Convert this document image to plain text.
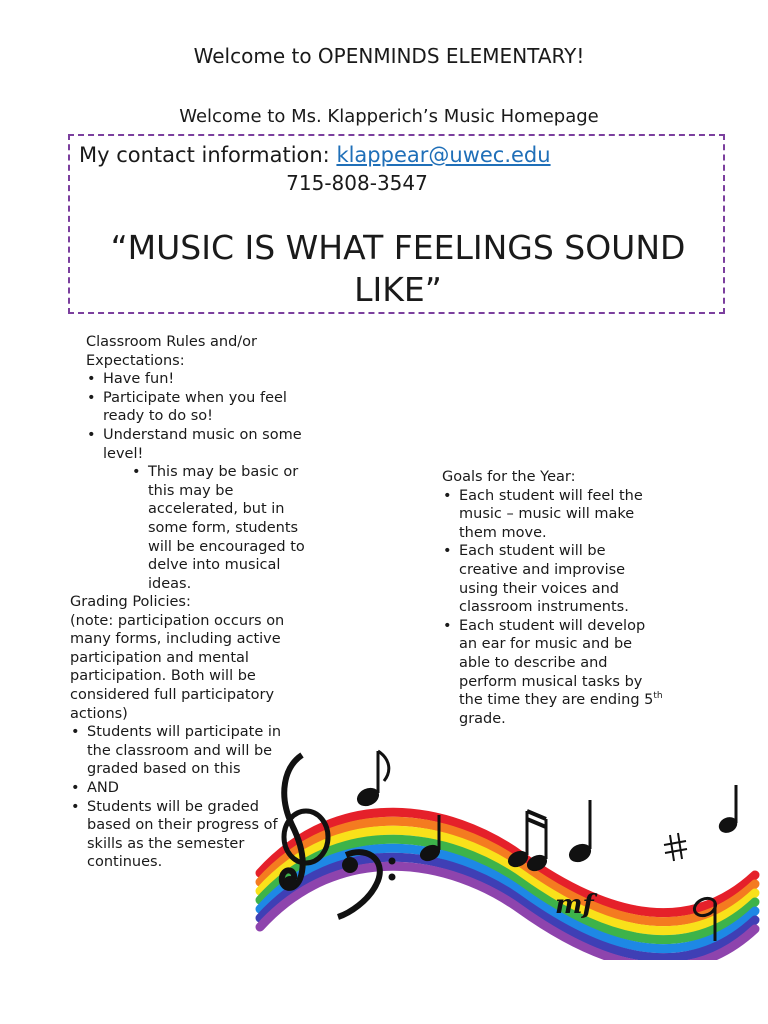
Welcome to OPENMINDS ELEMENTARY!
Welcome to Ms. Klapperich’s Music Homepage
My contact information: klappear@uwec.edu
715-808-3547
“MUSIC IS WHAT FEELINGS SOUND LIKE”
Classroom Rules and/or Expectations:
• Have fun!
• Participate when you feel ready to do so!
• Understand music on some level!
• This may be basic or this may be accelerated, but in some form, students will be encouraged to delve into musical ideas.
Grading Policies:
(note: participation occurs on many forms, including active participation and mental participation. Both will be considered full participatory actions)
• Students will participate in the classroom and will be graded based on this
• AND
• Students will be graded based on their progress of skills as the semester continues.
Goals for the Year:
• Each student will feel the music – music will make them move.
• Each student will be creative and improvise using their voices and classroom instruments.
• Each student will develop an ear for music and be able to describe and perform musical tasks by the time they are ending 5th grade.
mf
